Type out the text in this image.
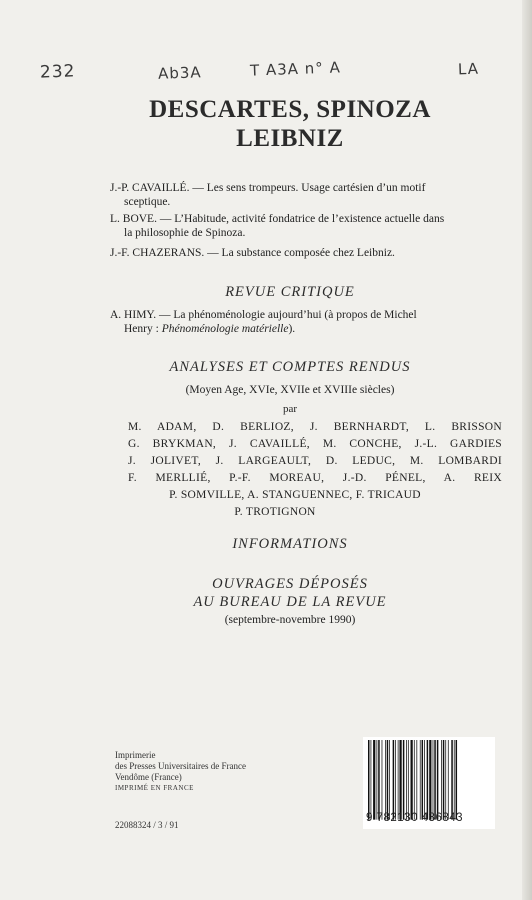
232	Ab3A	T A3A n° A	LA
DESCARTES, SPINOZA
LEIBNIZ
J.-P. CAVAILLÉ. — Les sens trompeurs. Usage cartésien d’un motif
sceptique.
L. BOVE. — L’Habitude, activité fondatrice de l’existence actuelle dans
la philosophie de Spinoza.
J.-F. CHAZERANS. — La substance composée chez Leibniz.
REVUE CRITIQUE
A. HIMY. — La phénoménologie aujourd’hui (à propos de Michel
Henry : Phénoménologie matérielle).
ANALYSES ET COMPTES RENDUS
(Moyen Age, XVIe, XVIIe et XVIIIe siècles)
par
M. ADAM, D. BERLIOZ, J. BERNHARDT, L. BRISSON
G. BRYKMAN, J. CAVAILLÉ, M. CONCHE, J.-L. GARDIES
J. JOLIVET, J. LARGEAULT, D. LEDUC, M. LOMBARDI
F. MERLLIÉ, P.-F. MOREAU, J.-D. PÉNEL, A. REIX
P. SOMVILLE, A. STANGUENNEC, F. TRICAUD
P. TROTIGNON
INFORMATIONS
OUVRAGES DÉPOSÉS
AU BUREAU DE LA REVUE
(septembre-novembre 1990)
Imprimerie
des Presses Universitaires de France
Vendôme (France)
IMPRIMÉ EN FRANCE
22088324 / 3 / 91
9 782130 436843
